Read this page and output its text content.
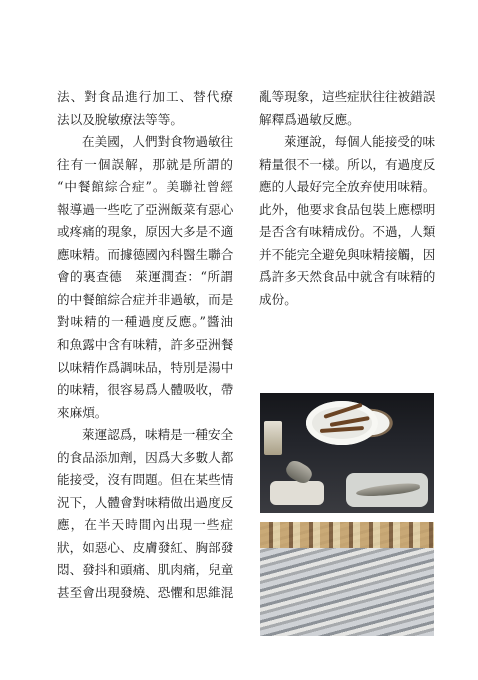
法、對食品進行加工、替代療
法以及脫敏療法等等。
在美國，人們對食物過敏往
往有一個誤解，那就是所謂的
“中餐館綜合症”。美聯社曾經
報導過一些吃了亞洲飯菜有惡心
或疼痛的現象，原因大多是不適
應味精。而據德國內科醫生聯合
會的裏查德　萊運潤查：“所謂
的中餐館綜合症并非過敏，而是
對味精的一種過度反應。”醬油
和魚露中含有味精，許多亞洲餐
以味精作爲調味品，特別是湯中
的味精，很容易爲人體吸收，帶
來麻煩。
萊運認爲，味精是一種安全
的食品添加劑，因爲大多數人都
能接受，沒有問題。但在某些情
況下，人體會對味精做出過度反
應，在半天時間內出現一些症
狀，如惡心、皮膚發紅、胸部發
悶、發抖和頭痛、肌肉痛，兒童
甚至會出現發燒、恐懼和思維混
亂等現象，這些症狀往往被錯誤
解釋爲過敏反應。
萊運說，每個人能接受的味
精量很不一樣。所以，有過度反
應的人最好完全放弃使用味精。
此外，他要求食品包裝上應標明
是否含有味精成份。不過，人類
并不能完全避免與味精接觸，因
爲許多天然食品中就含有味精的
成份。
